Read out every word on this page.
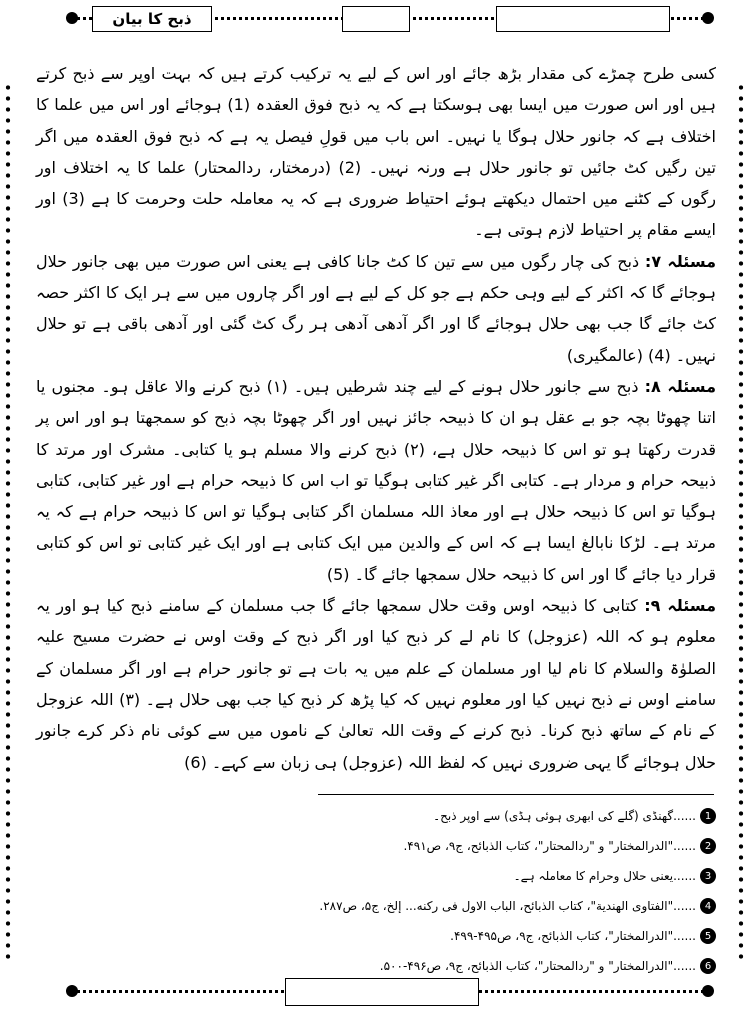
ذبح کا بیان

کسی طرح چمڑے کی مقدار بڑھ جائے اور اس کے لیے یہ ترکیب کرتے ہیں کہ بہت اوپر سے ذبح کرتے ہیں اور اس صورت میں ایسا بھی ہوسکتا ہے کہ یہ ذبح فوق العقدہ (1) ہوجائے اور اس میں علما کا اختلاف ہے کہ جانور حلال ہوگا یا نہیں۔ اس باب میں قولِ فیصل یہ ہے کہ ذبح فوق العقدہ میں اگر تین رگیں کٹ جائیں تو جانور حلال ہے ورنہ نہیں۔ (2) (درمختار، ردالمحتار) علما کا یہ اختلاف اور رگوں کے کٹنے میں احتمال دیکھتے ہوئے احتیاط ضروری ہے کہ یہ معاملہ حلت وحرمت کا ہے (3) اور ایسے مقام پر احتیاط لازم ہوتی ہے۔

مسئلہ ۷: ذبح کی چار رگوں میں سے تین کا کٹ جانا کافی ہے یعنی اس صورت میں بھی جانور حلال ہوجائے گا کہ اکثر کے لیے وہی حکم ہے جو کل کے لیے ہے اور اگر چاروں میں سے ہر ایک کا اکثر حصہ کٹ جائے گا جب بھی حلال ہوجائے گا اور اگر آدھی آدھی ہر رگ کٹ گئی اور آدھی باقی ہے تو حلال نہیں۔ (4) (عالمگیری)

مسئلہ ۸: ذبح سے جانور حلال ہونے کے لیے چند شرطیں ہیں۔ (۱) ذبح کرنے والا عاقل ہو۔ مجنوں یا اتنا چھوٹا بچہ جو بے عقل ہو ان کا ذبیحہ جائز نہیں اور اگر چھوٹا بچہ ذبح کو سمجھتا ہو اور اس پر قدرت رکھتا ہو تو اس کا ذبیحہ حلال ہے، (۲) ذبح کرنے والا مسلم ہو یا کتابی۔ مشرک اور مرتد کا ذبیحہ حرام و مردار ہے۔ کتابی اگر غیر کتابی ہوگیا تو اب اس کا ذبیحہ حرام ہے اور غیر کتابی، کتابی ہوگیا تو اس کا ذبیحہ حلال ہے اور معاذ اللہ مسلمان اگر کتابی ہوگیا تو اس کا ذبیحہ حرام ہے کہ یہ مرتد ہے۔ لڑکا نابالغ ایسا ہے کہ اس کے والدین میں ایک کتابی ہے اور ایک غیر کتابی تو اس کو کتابی قرار دیا جائے گا اور اس کا ذبیحہ حلال سمجھا جائے گا۔ (5)

مسئلہ ۹: کتابی کا ذبیحہ اوس وقت حلال سمجھا جائے گا جب مسلمان کے سامنے ذبح کیا ہو اور یہ معلوم ہو کہ اللہ (عزوجل) کا نام لے کر ذبح کیا اور اگر ذبح کے وقت اوس نے حضرت مسیح علیہ الصلوٰۃ والسلام کا نام لیا اور مسلمان کے علم میں یہ بات ہے تو جانور حرام ہے اور اگر مسلمان کے سامنے اوس نے ذبح نہیں کیا اور معلوم نہیں کہ کیا پڑھ کر ذبح کیا جب بھی حلال ہے۔ (۳) اللہ عزوجل کے نام کے ساتھ ذبح کرنا۔ ذبح کرنے کے وقت اللہ تعالیٰ کے ناموں میں سے کوئی نام ذکر کرے جانور حلال ہوجائے گا یہی ضروری نہیں کہ لفظ اللہ (عزوجل) ہی زبان سے کہے۔ (6)

1
......گھنڈی (گلے کی ابھری ہوئی ہڈی) سے اوپر ذبح۔
2
......"الدرالمختار" و "ردالمحتار"، کتاب الذبائح، ج۹، ص۴۹۱.
3
......یعنی حلال وحرام کا معاملہ ہے۔
4
......"الفتاوی الهندية"، كتاب الذبائح، الباب الاول فی رکنه... إلخ، ج۵، ص۲۸۷.
5
......"الدرالمختار"، کتاب الذبائح، ج۹، ص۴۹۵-۴۹۹.
6
......"الدرالمختار" و "ردالمحتار"، کتاب الذبائح، ج۹، ص۴۹۶-۵۰۰.
